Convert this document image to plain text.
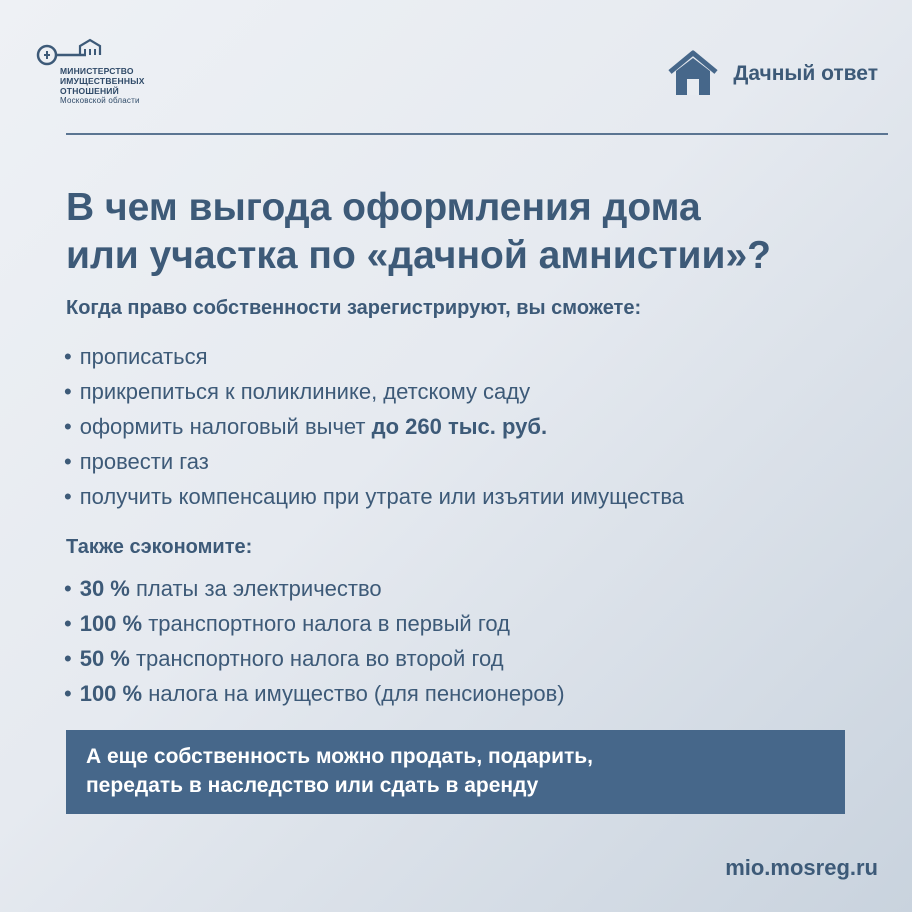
МИНИСТЕРСТВО
ИМУЩЕСТВЕННЫХ
ОТНОШЕНИЙ
Московской области
Дачный ответ
В чем выгода оформления дома
или участка по «дачной амнистии»?

Когда право собственности зарегистрируют, вы сможете:

• прописаться
• прикрепиться к поликлинике, детскому саду
• оформить налоговый вычет до 260 тыс. руб.
• провести газ
• получить компенсацию при утрате или изъятии имущества

Также сэкономите:

• 30 % платы за электричество
• 100 % транспортного налога в первый год
• 50 % транспортного налога во второй год
• 100 % налога на имущество (для пенсионеров)
А еще собственность можно продать, подарить,
передать в наследство или сдать в аренду
mio.mosreg.ru
